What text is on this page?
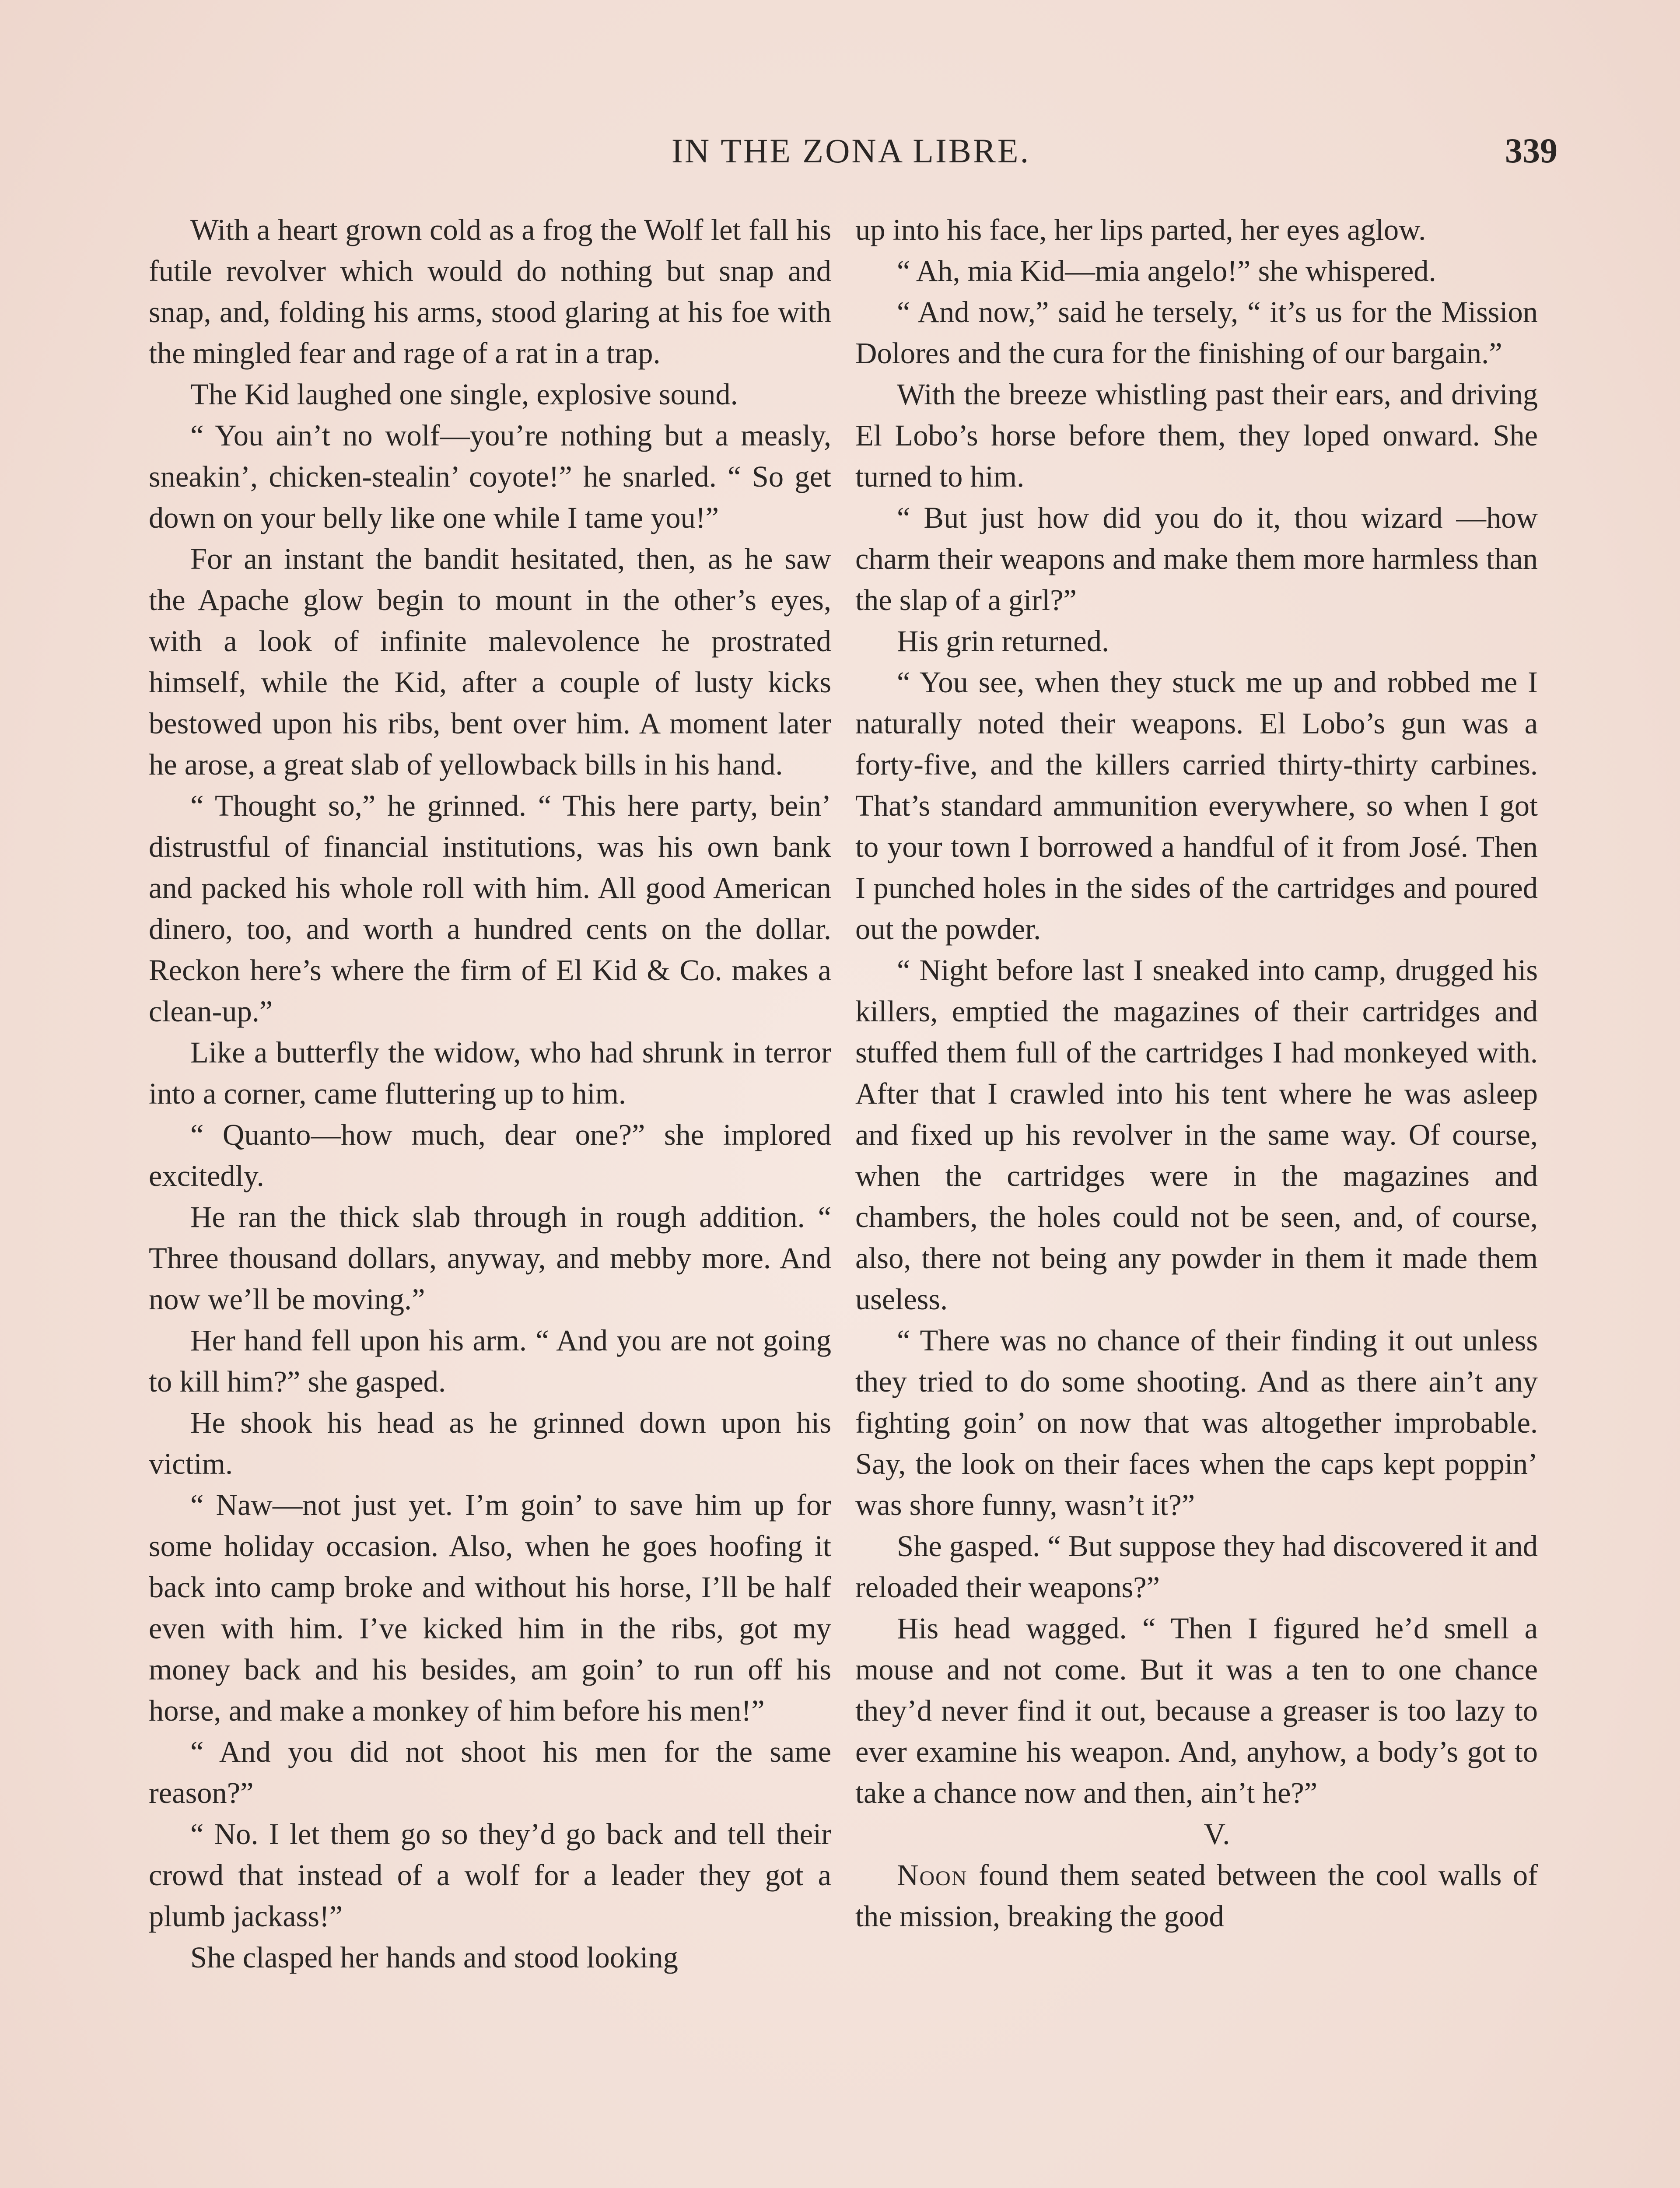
IN THE ZONA LIBRE.	339

With a heart grown cold as a frog the Wolf let fall his futile revolver which would do nothing but snap and snap, and, folding his arms, stood glaring at his foe with the mingled fear and rage of a rat in a trap.

The Kid laughed one single, explosive sound.

“ You ain’t no wolf—you’re nothing but a measly, sneakin’, chicken-stealin’ coyote!” he snarled. “ So get down on your belly like one while I tame you!”

For an instant the bandit hesitated, then, as he saw the Apache glow begin to mount in the other’s eyes, with a look of infinite malevolence he prostrated himself, while the Kid, after a couple of lusty kicks bestowed upon his ribs, bent over him. A moment later he arose, a great slab of yellowback bills in his hand.

“ Thought so,” he grinned. “ This here party, bein’ distrustful of financial institutions, was his own bank and packed his whole roll with him. All good American dinero, too, and worth a hundred cents on the dollar. Reckon here’s where the firm of El Kid & Co. makes a clean-up.”

Like a butterfly the widow, who had shrunk in terror into a corner, came fluttering up to him.

“ Quanto—how much, dear one?” she implored excitedly.

He ran the thick slab through in rough addition. “ Three thousand dollars, anyway, and mebby more. And now we’ll be moving.”

Her hand fell upon his arm. “ And you are not going to kill him?” she gasped.

He shook his head as he grinned down upon his victim.

“ Naw—not just yet. I’m goin’ to save him up for some holiday occasion. Also, when he goes hoofing it back into camp broke and without his horse, I’ll be half even with him. I’ve kicked him in the ribs, got my money back and his besides, am goin’ to run off his horse, and make a monkey of him before his men!”

“ And you did not shoot his men for the same reason?”

“ No. I let them go so they’d go back and tell their crowd that instead of a wolf for a leader they got a plumb jackass!”

She clasped her hands and stood looking

up into his face, her lips parted, her eyes aglow.

“ Ah, mia Kid—mia angelo!” she whispered.

“ And now,” said he tersely, “ it’s us for the Mission Dolores and the cura for the finishing of our bargain.”

With the breeze whistling past their ears, and driving El Lobo’s horse before them, they loped onward. She turned to him.

“ But just how did you do it, thou wizard —how charm their weapons and make them more harmless than the slap of a girl?”

His grin returned.

“ You see, when they stuck me up and robbed me I naturally noted their weapons. El Lobo’s gun was a forty-five, and the killers carried thirty-thirty carbines. That’s standard ammunition everywhere, so when I got to your town I borrowed a handful of it from José. Then I punched holes in the sides of the cartridges and poured out the powder.

“ Night before last I sneaked into camp, drugged his killers, emptied the magazines of their cartridges and stuffed them full of the cartridges I had monkeyed with. After that I crawled into his tent where he was asleep and fixed up his revolver in the same way. Of course, when the cartridges were in the magazines and chambers, the holes could not be seen, and, of course, also, there not being any powder in them it made them useless.

“ There was no chance of their finding it out unless they tried to do some shooting. And as there ain’t any fighting goin’ on now that was altogether improbable. Say, the look on their faces when the caps kept poppin’ was shore funny, wasn’t it?”

She gasped. “ But suppose they had discovered it and reloaded their weapons?”

His head wagged. “ Then I figured he’d smell a mouse and not come. But it was a ten to one chance they’d never find it out, because a greaser is too lazy to ever examine his weapon. And, anyhow, a body’s got to take a chance now and then, ain’t he?”

V.

Noon found them seated between the cool walls of the mission, breaking the good
